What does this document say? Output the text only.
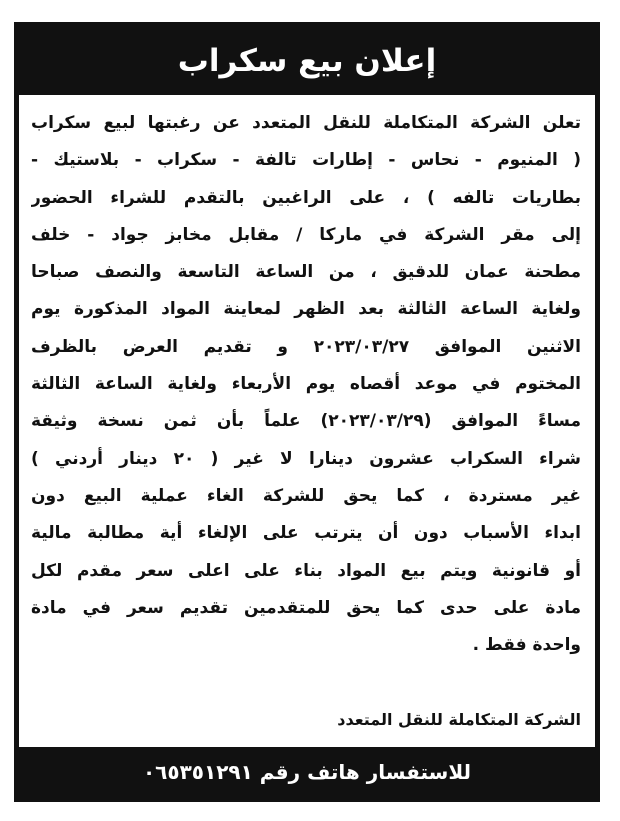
إعلان بيع سكراب
تعلن الشركة المتكاملة للنقل المتعدد عن رغبتها لبيع سكراب
( المنيوم - نحاس - إطارات تالفة - سكراب - بلاستيك -
بطاريات تالفه ) ، على الراغبين بالتقدم للشراء الحضور
إلى مقر الشركة في ماركا / مقابل مخابز جواد - خلف
مطحنة عمان للدقيق ، من الساعة التاسعة والنصف صباحا
ولغاية الساعة الثالثة بعد الظهر لمعاينة المواد المذكورة يوم
الاثنين الموافق ٢٠٢٣/٠٣/٢٧ و تقديم العرض بالظرف
المختوم في موعد أقصاه يوم الأربعاء ولغاية الساعة الثالثة
مساءً الموافق (٢٠٢٣/٠٣/٢٩) علماً بأن ثمن نسخة وثيقة
شراء السكراب عشرون دينارا لا غير ( ٢٠ دينار أردني )
غير مستردة ، كما يحق للشركة الغاء عملية البيع دون
ابداء الأسباب دون أن يترتب على الإلغاء أية مطالبة مالية
أو قانونية ويتم بيع المواد بناء على اعلى سعر مقدم لكل
مادة على حدى كما يحق للمتقدمين تقديم سعر في مادة
واحدة فقط .
الشركة المتكاملة للنقل المتعدد
للاستفسار هاتف رقم ٠٦٥٣٥١٢٩١
